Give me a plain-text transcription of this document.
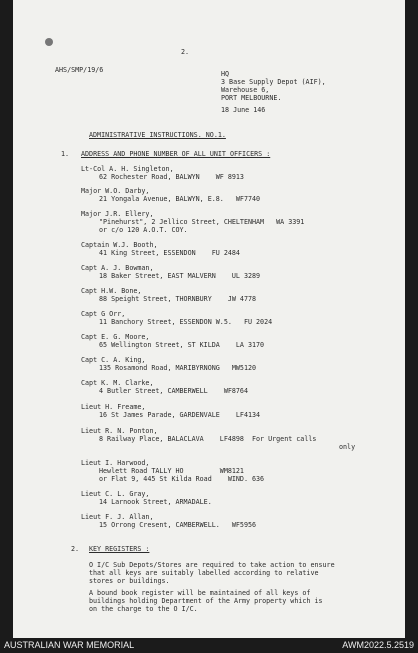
2.
AHS/SMP/19/6	HQ
3 Base Supply Depot (AIF),
Warehouse 6,
PORT MELBOURNE.
18 June 146
ADMINISTRATIVE INSTRUCTIONS. NO.1.
1. ADDRESS AND PHONE NUMBER OF ALL UNIT OFFICERS :
Lt-Col A. H. Singleton,
62 Rochester Road, BALWYN    WF 8913
Major W.O. Darby,
21 Yongala Avenue, BALWYN, E.8.   WF7740
Major J.R. Ellery,
"Pinehurst", 2 Jellico Street, CHELTENHAM   WA 3391
or c/o 120 A.O.T. COY.
Captain W.J. Booth,
41 King Street, ESSENDON    FU 2484
Capt A. J. Bowman,
18 Baker Street, EAST MALVERN    UL 3289
Capt H.W. Bone,
88 Speight Street, THORNBURY    JW 4778
Capt G Orr,
11 Banchory Street, ESSENDON W.5.   FU 2024
Capt E. G. Moore,
65 Wellington Street, ST KILDA    LA 3170
Capt C. A. King,
135 Rosamond Road, MARIBYRNONG   MW5120
Capt K. M. Clarke,
4 Butler Street, CAMBERWELL    WF8764
Lieut H. Freame,
16 St James Parade, GARDENVALE    LF4134
Lieut R. N. Ponton,
8 Railway Place, BALACLAVA    LF4898  For Urgent calls
only
Lieut I. Harwood,
Hewlett Road TALLY HO         WM8121
or Flat 9, 445 St Kilda Road    WIND. 636
Lieut C. L. Gray,
14 Larnook Street, ARMADALE.
Lieut F. J. Allan,
15 Orrong Cresent, CAMBERWELL.   WF5956
2. KEY REGISTERS :
O I/C Sub Depots/Stores are required to take action to ensure
that all keys are suitably labelled according to relative
stores or buildings.
A bound book register will be maintained of all keys of
buildings holding Department of the Army property which is
on the charge to the O I/C.
AUSTRALIAN WAR MEMORIAL	AWM2022.5.2519
